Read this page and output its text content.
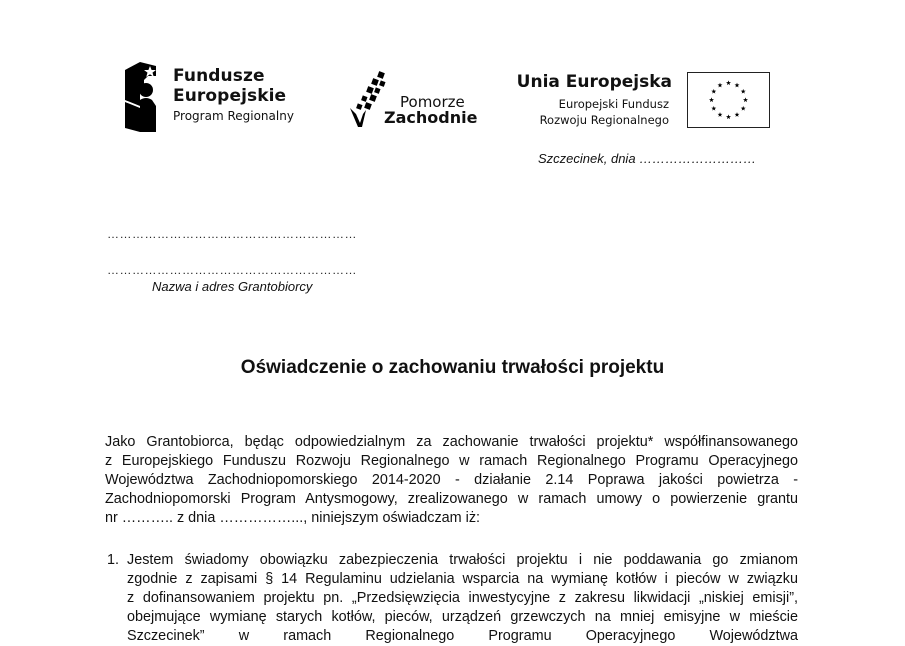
Fundusze
Europejskie
Program Regionalny
Pomorze
Zachodnie
Unia Europejska
Europejski Fundusz
Rozwoju Regionalnego
Szczecinek, dnia ………………………
……………………………………………………
……………………………………………………
Nazwa i adres Grantobiorcy
Oświadczenie o zachowaniu trwałości projektu
Jako Grantobiorca, będąc odpowiedzialnym za zachowanie trwałości projektu* współfinansowanego
z Europejskiego Funduszu Rozwoju Regionalnego w ramach Regionalnego Programu Operacyjnego
Województwa Zachodniopomorskiego 2014-2020 - działanie 2.14 Poprawa jakości powietrza -
Zachodniopomorski Program Antysmogowy, zrealizowanego w ramach umowy o powierzenie grantu
nr ……….. z dnia ……………..., niniejszym oświadczam iż:
1. Jestem świadomy obowiązku zabezpieczenia trwałości projektu i nie poddawania go zmianom
zgodnie z zapisami § 14 Regulaminu udzielania wsparcia na wymianę kotłów i pieców w związku
z dofinansowaniem projektu pn. „Przedsięwzięcia inwestycyjne z zakresu likwidacji „niskiej emisji”,
obejmujące wymianę starych kotłów, pieców, urządzeń grzewczych na mniej emisyjne w mieście
Szczecinek” w ramach Regionalnego Programu Operacyjnego Województwa
